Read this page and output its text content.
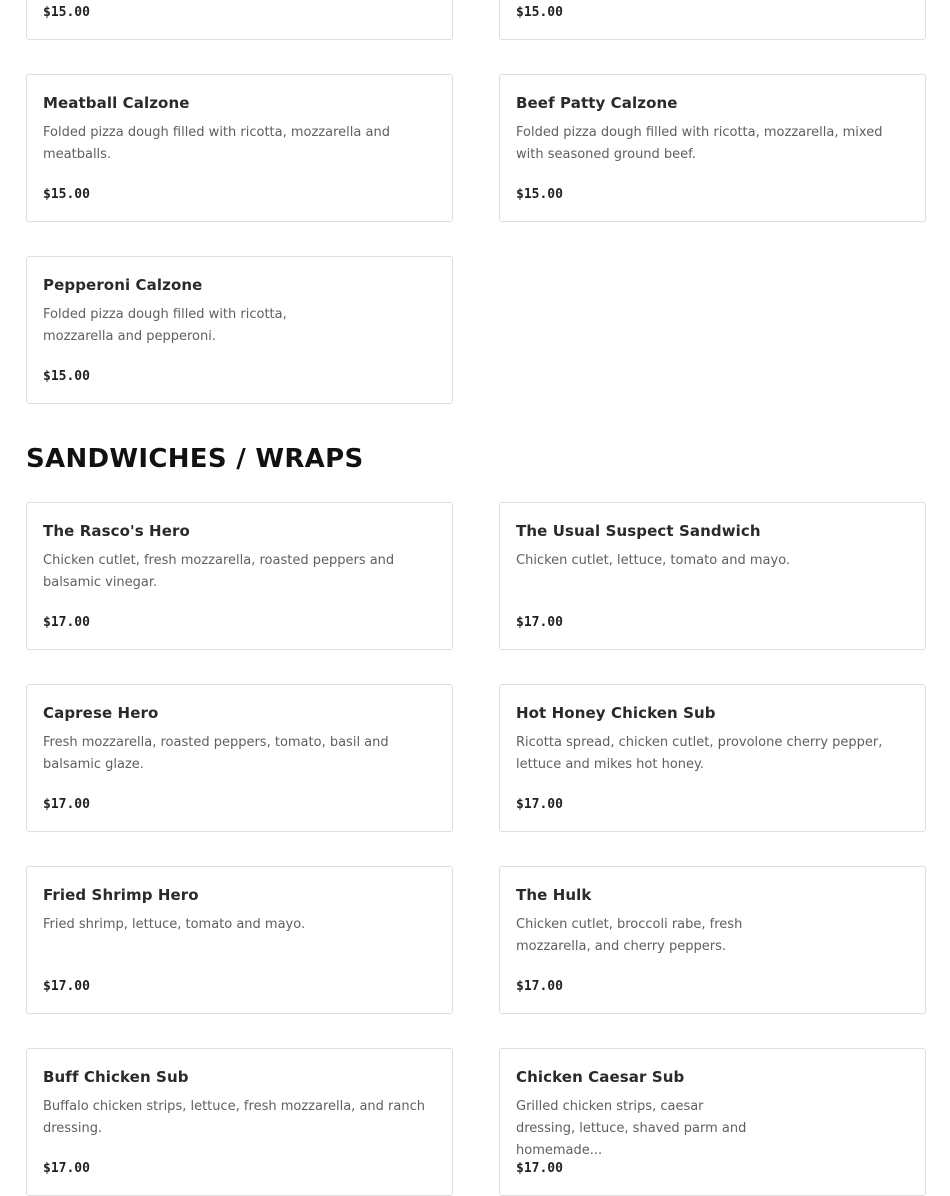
$15.00	$15.00
Meatball Calzone
Folded pizza dough filled with ricotta, mozzarella and meatballs.
$15.00
Beef Patty Calzone
Folded pizza dough filled with ricotta, mozzarella, mixed with seasoned ground beef.
$15.00
Pepperoni Calzone
Folded pizza dough filled with ricotta, mozzarella and pepperoni.
$15.00
SANDWICHES / WRAPS
The Rasco's Hero
Chicken cutlet, fresh mozzarella, roasted peppers and balsamic vinegar.
$17.00
The Usual Suspect Sandwich
Chicken cutlet, lettuce, tomato and mayo.
$17.00
Caprese Hero
Fresh mozzarella, roasted peppers, tomato, basil and balsamic glaze.
$17.00
Hot Honey Chicken Sub
Ricotta spread, chicken cutlet, provolone cherry pepper, lettuce and mikes hot honey.
$17.00
Fried Shrimp Hero
Fried shrimp, lettuce, tomato and mayo.
$17.00
The Hulk
Chicken cutlet, broccoli rabe, fresh mozzarella, and cherry peppers.
$17.00
Buff Chicken Sub
Buffalo chicken strips, lettuce, fresh mozzarella, and ranch dressing.
$17.00
Chicken Caesar Sub
Grilled chicken strips, caesar dressing, lettuce, shaved parm and homemade...
$17.00
